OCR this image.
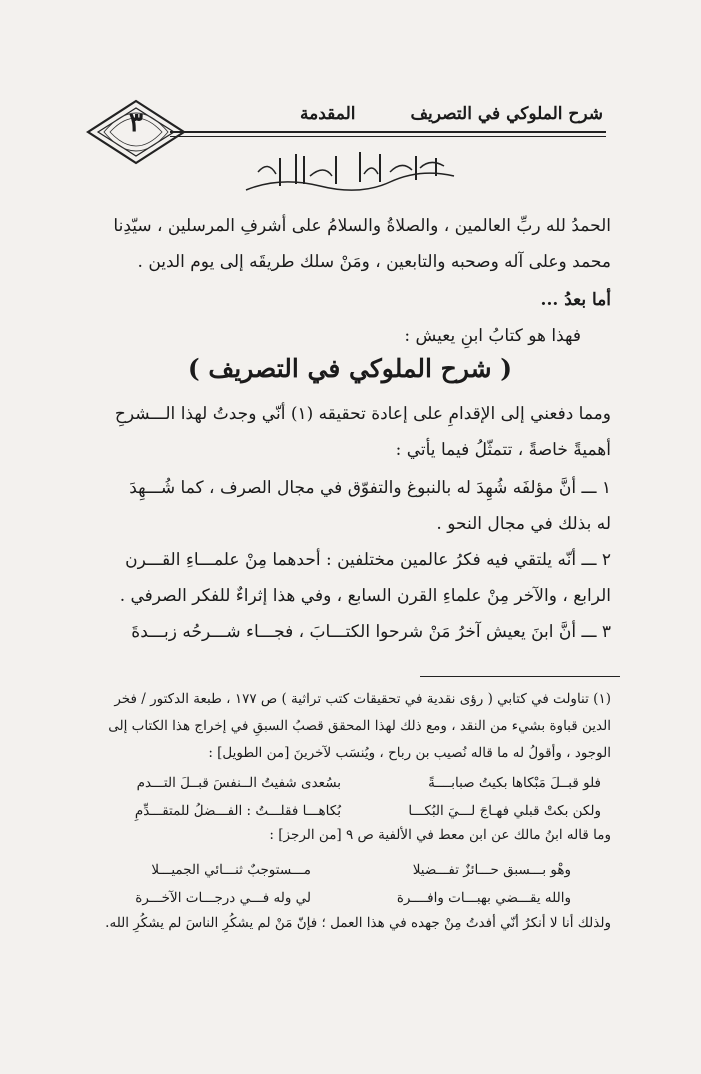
شرح الملوكي في التصريف
المقدمة
٣
الحمدُ لله ربِّ العالمين ، والصلاةُ والسلامُ على أشرفِ المرسلين ، سيّدِنا
محمد وعلى آله وصحبه والتابعين ، ومَنْ سلك طريقَه إلى يوم الدين .
أما بعدُ ...
فهذا هو كتابُ ابنِ يعيش :
( شرح الملوكي في التصريف )
ومما دفعني إلى الإقدامِ على إعادة تحقيقه (١) أنّي وجدتُ لهذا الـــشرحِ
أهميةً خاصةً ، تتمثّلُ فيما يأتي :
١ ـــ أنَّ مؤلفَه شُهِدَ له بالنبوغ والتفوّق في مجال الصرف ، كما شُـــهِدَ
له بذلك في مجال النحو .
٢ ـــ أنّه يلتقي فيه فكرُ عالمين مختلفين : أحدهما مِنْ علمـــاءِ القـــرن
الرابع ، والآخر مِنْ علماءِ القرن السابع ، وفي هذا إثراءٌ للفكر الصرفي .
٣ ـــ أنَّ ابنَ يعيش آخرُ مَنْ شرحوا الكتـــابَ ، فجـــاء شـــرحُه زبـــدةَ
(١) تناولت في كتابي ( رؤى نقدية في تحقيقات كتب تراثية ) ص ١٧٧ ، طبعة الدكتور / فخر
الدين قباوة بشيء من النقد ، ومع ذلك لهذا المحقق قصبُ السبقِ في إخراج هذا الكتاب إلى
الوجود ، وأقولُ له ما قاله نُصيب بن رباح ، ويُنسَب لآخرينَ [من الطويل] :
فلو قبــلَ مَبْكاها بكيتُ صبابــــةً
بسُعدى شفيتُ الــنفسَ قبــلَ التـــدم
ولكن بكتْ قبلي فهـاجَ لـــيَ البُكـــا
بُكاهـــا فقلـــتُ : الفـــضلُ للمتقـــدِّمِ
وما قاله ابنُ مالك عن ابن معط في الألفية ص ٩ [من الرجز] :
وهْو بـــسبق حـــائزٌ تفـــضيلا
مـــستوجبٌ ثنـــائي الجميـــلا
والله يقـــضي بهبـــات وافــــرة
لي وله فـــي درجـــات الآخـــرة
ولذلك أنا لا أنكرُ أنّي أفدتُ مِنْ جهده في هذا العمل ؛ فإنّ مَنْ لم يشكُرِ الناسَ لم يشكُرِ الله.
